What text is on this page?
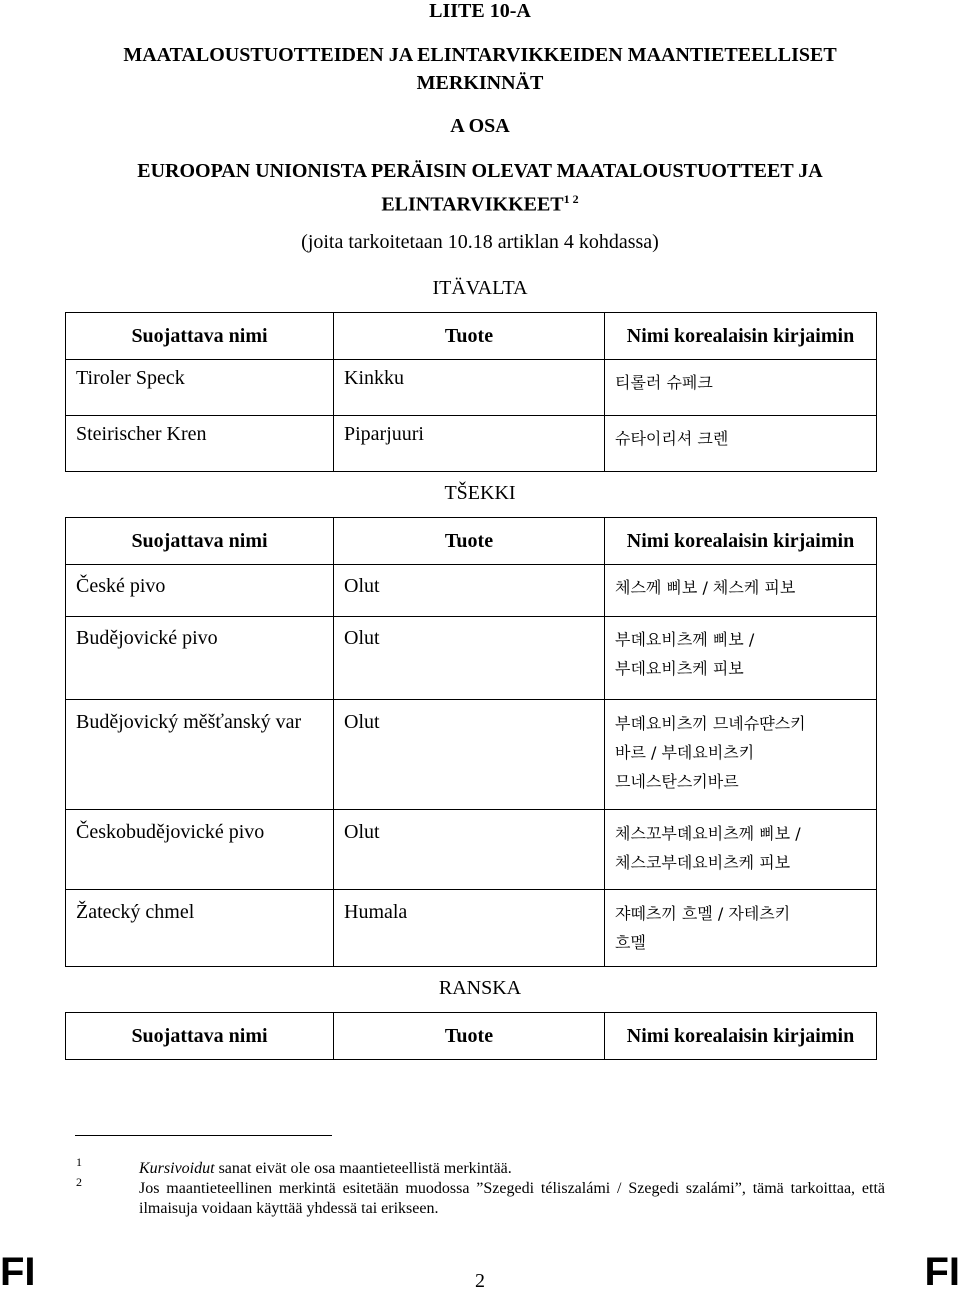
LIITE 10-A
MAATALOUSTUOTTEIDEN JA ELINTARVIKKEIDEN MAANTIETEELLISET
MERKINNÄT
A OSA
EUROOPAN UNIONISTA PERÄISIN OLEVAT MAATALOUSTUOTTEET JA
$ELINTARVIKKEET^{1 2}$
(joita tarkoitetaan 10.18 artiklan 4 kohdassa)
ITÄVALTA
Suojattava nimi	Tuote	Nimi korealaisin kirjaimin
Tiroler Speck	Kinkku	티롤러 슈페크
Steirischer Kren	Piparjuuri	슈타이리셔 크렌
TŠEKKI
Suojattava nimi	Tuote	Nimi korealaisin kirjaimin
České pivo	Olut	체스께 삐보 / 체스케 피보
Budějovické pivo	Olut	부뎨요비츠께 삐보 /
부데요비츠케 피보

Budějovický měšťanský var	Olut	부뎨요비츠끼 므녜슈땬스키
바르 / 부데요비츠키
므네스탄스키바르

Českobudějovické pivo	Olut	체스꼬부뎨요비츠께 삐보 /
체스코부데요비츠케 피보

Žatecký chmel	Humala	쟈떼츠끼 흐멜 / 자테츠키
흐멜
RANSKA
Suojattava nimi	Tuote	Nimi korealaisin kirjaimin
1	Kursivoidut sanat eivät ole osa maantieteellistä merkintää.
2	Jos maantieteellinen merkintä esitetään muodossa ”Szegedi téliszalámi / Szegedi szalámi”, tämä tarkoittaa, että ilmaisuja voidaan käyttää yhdessä tai erikseen.
FI	2	FI
